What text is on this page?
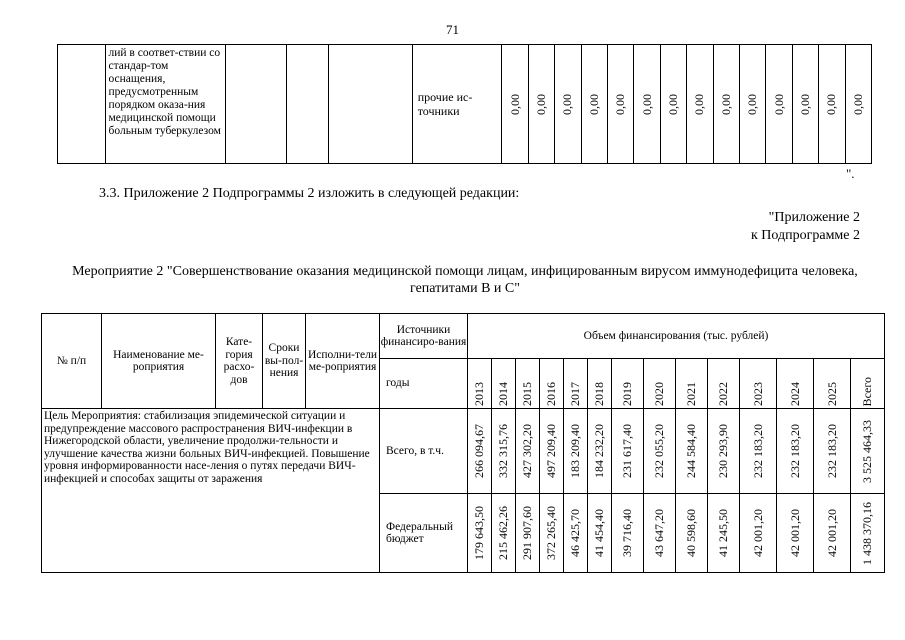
71
	лий в соответ-ствии со стандар-том оснащения, предусмотренным порядком оказа-ния медицинской помощи больным туберкулезом				прочие ис-точники	0,00	0,00	0,00	0,00	0,00	0,00	0,00	0,00	0,00	0,00	0,00	0,00	0,00	0,00
".
3.3. Приложение 2 Подпрограммы 2 изложить в следующей редакции:
"Приложение 2
к Подпрограмме 2
Мероприятие 2 "Совершенствование оказания медицинской помощи лицам, инфицированным вирусом иммунодефицита человека, гепатитами В и С"
№ п/п	Наименование ме-роприятия	Кате-гория расхо-дов	Сроки вы-пол-нения	Исполни-тели ме-роприятия	Источники финансиро-вания	Объем финансирования (тыс. рублей)													
					годы	2013	2014	2015	2016	2017	2018	2019	2020	2021	2022	2023	2024	2025	Всего

Цель Мероприятия: стабилизация эпидемической ситуации и предупреждение массового распространения ВИЧ-инфекции в Нижегородской области, увеличение продолжи-тельности и улучшение качества жизни больных ВИЧ-инфекцией. Повышение уровня информированности насе-ления о путях передачи ВИЧ-инфекцией и способах защиты от заражения					Всего, в т.ч.	266 094,67	332 315,76	427 302,20	497 209,40	183 209,40	184 232,20	231 617,40	232 055,20	244 584,40	230 293,90	232 183,20	232 183,20	232 183,20	3 525 464,33

					Федеральный бюджет	179 643,50	215 462,26	291 907,60	372 265,40	46 425,70	41 454,40	39 716,40	43 647,20	40 598,60	41 245,50	42 001,20	42 001,20	42 001,20	1 438 370,16
